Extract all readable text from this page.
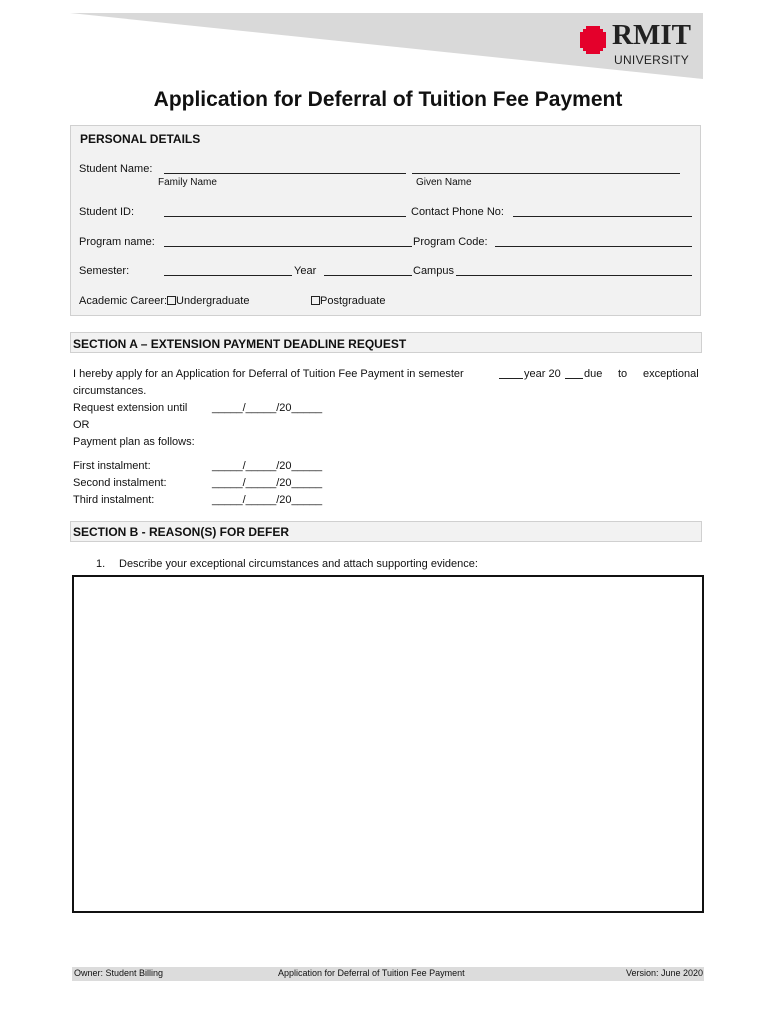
RMIT
UNIVERSITY
Application for Deferral of Tuition Fee Payment
PERSONAL DETAILS
Student Name:
Family Name	Given Name
Student ID:	Contact Phone No:
Program name:	Program Code:
Semester:	Year	Campus
Academic Career: Undergraduate	Postgraduate
SECTION A – EXTENSION PAYMENT DEADLINE REQUEST
I hereby apply for an Application for Deferral of Tuition Fee Payment in semester	year 20 due to exceptional
circumstances.
Request extension until _____/_____/20_____
OR
Payment plan as follows:
First instalment:	_____/_____/20_____
Second instalment:	_____/_____/20_____
Third instalment:	_____/_____/20_____
SECTION B - REASON(S) FOR DEFER
1. Describe your exceptional circumstances and attach supporting evidence:
Owner: Student Billing	Application for Deferral of Tuition Fee Payment	Version: June 2020
